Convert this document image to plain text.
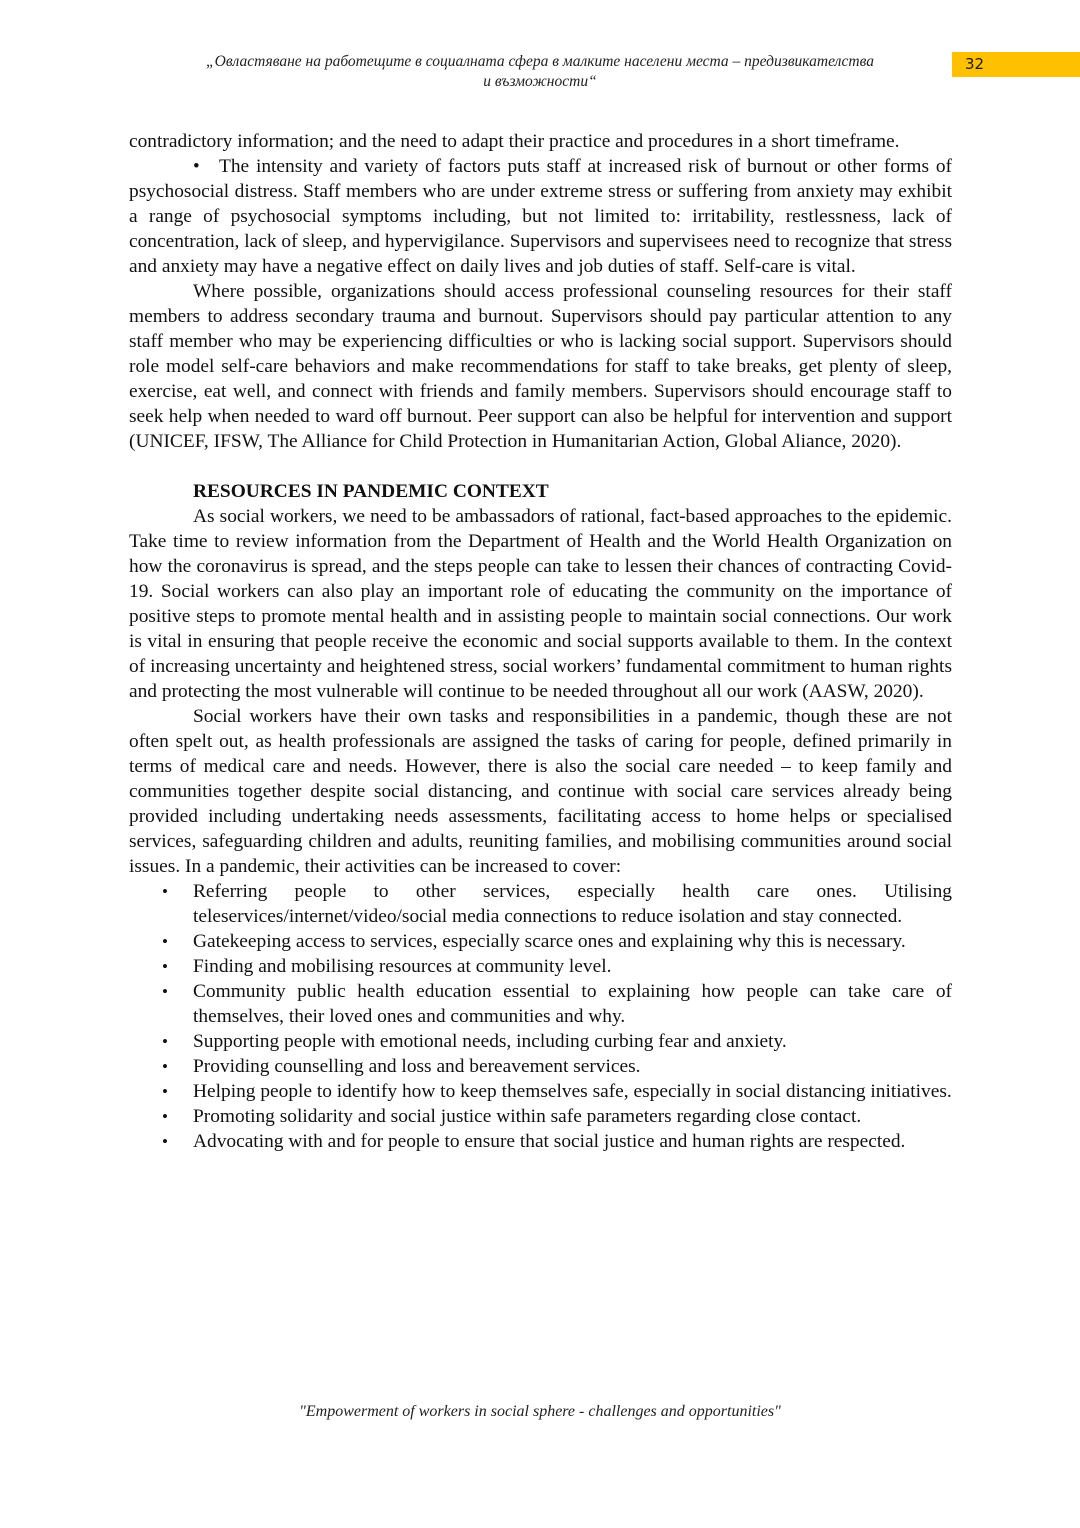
„Овластяване на работещите в социалната сфера в малките населени места – предизвикателства
и възможности“
32

contradictory information; and the need to adapt their practice and procedures in a short timeframe.

• The intensity and variety of factors puts staff at increased risk of burnout or other forms of psychosocial distress. Staff members who are under extreme stress or suffering from anxiety may exhibit a range of psychosocial symptoms including, but not limited to: irritability, restlessness, lack of concentration, lack of sleep, and hypervigilance. Supervisors and supervisees need to recognize that stress and anxiety may have a negative effect on daily lives and job duties of staff. Self-care is vital.

Where possible, organizations should access professional counseling resources for their staff members to address secondary trauma and burnout. Supervisors should pay particular attention to any staff member who may be experiencing difficulties or who is lacking social support. Supervisors should role model self-care behaviors and make recommendations for staff to take breaks, get plenty of sleep, exercise, eat well, and connect with friends and family members. Supervisors should encourage staff to seek help when needed to ward off burnout. Peer support can also be helpful for intervention and support (UNICEF, IFSW, The Alliance for Child Protection in Humanitarian Action, Global Aliance, 2020).

RESOURCES IN PANDEMIC CONTEXT

As social workers, we need to be ambassadors of rational, fact-based approaches to the epidemic. Take time to review information from the Department of Health and the World Health Organization on how the coronavirus is spread, and the steps people can take to lessen their chances of contracting Covid-19. Social workers can also play an important role of educating the community on the importance of positive steps to promote mental health and in assisting people to maintain social connections. Our work is vital in ensuring that people receive the economic and social supports available to them. In the context of increasing uncertainty and heightened stress, social workers’ fundamental commitment to human rights and protecting the most vulnerable will continue to be needed throughout all our work (AASW, 2020).

Social workers have their own tasks and responsibilities in a pandemic, though these are not often spelt out, as health professionals are assigned the tasks of caring for people, defined primarily in terms of medical care and needs. However, there is also the social care needed – to keep family and communities together despite social distancing, and continue with social care services already being provided including undertaking needs assessments, facilitating access to home helps or specialised services, safeguarding children and adults, reuniting families, and mobilising communities around social issues. In a pandemic, their activities can be increased to cover:

• Referring people to other services, especially health care ones. Utilising teleservices/internet/video/social media connections to reduce isolation and stay connected.
• Gatekeeping access to services, especially scarce ones and explaining why this is necessary.
• Finding and mobilising resources at community level.
• Community public health education essential to explaining how people can take care of themselves, their loved ones and communities and why.
• Supporting people with emotional needs, including curbing fear and anxiety.
• Providing counselling and loss and bereavement services.
• Helping people to identify how to keep themselves safe, especially in social distancing initiatives.
• Promoting solidarity and social justice within safe parameters regarding close contact.
• Advocating with and for people to ensure that social justice and human rights are respected.
"Empowerment of workers in social sphere - challenges and opportunities"
